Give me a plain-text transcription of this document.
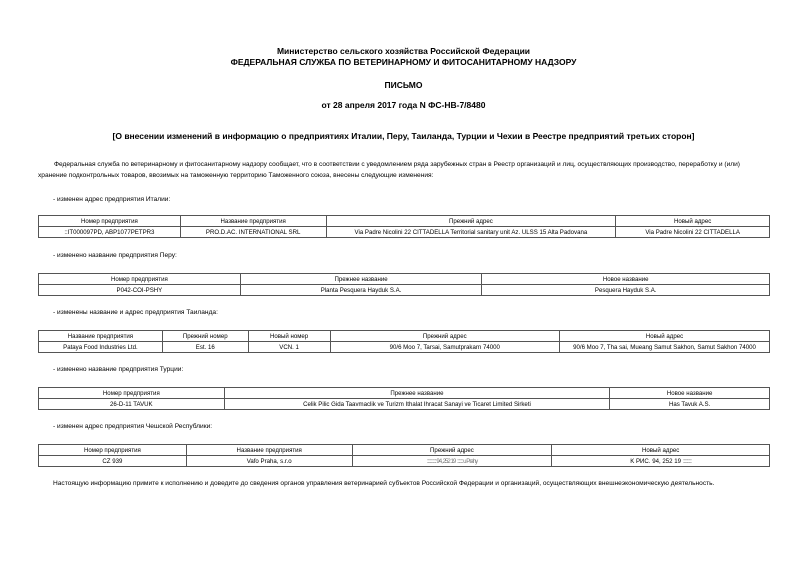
Министерство сельского хозяйства Российской Федерации
ФЕДЕРАЛЬНАЯ СЛУЖБА ПО ВЕТЕРИНАРНОМУ И ФИТОСАНИТАРНОМУ НАДЗОРУ
ПИСЬМО
от 28 апреля 2017 года N ФС-НВ-7/8480
[О внесении изменений в информацию о предприятиях Италии, Перу, Таиланда, Турции и Чехии в Реестре предприятий третьих сторон]
Федеральная служба по ветеринарному и фитосанитарному надзору сообщает, что в соответствии с уведомлением ряда зарубежных стран в Реестр организаций и лиц, осуществляющих производство, переработку и (или) хранение подконтрольных товаров, ввозимых на таможенную территорию Таможенного союза, внесены следующие изменения:
- изменен адрес предприятия Италии:
Номер предприятия	Название предприятия	Прежний адрес	Новый адрес
::IT000097PD, ABP1077PETPR3	PRO.D.AC. INTERNATIONAL SRL	Via Padre Nicolini 22 CITTADELLA Territorial sanitary unit Az. ULSS 15 Alta Padovana	Via Padre Nicolini 22 CITTADELLA
- изменено название предприятия Перу:
Номер предприятия	Прежнее название	Новое название
P042-COI-PSHY	Planta Pesquera Hayduk S.A.	Pesquera Hayduk S.A.
- изменены название и адрес предприятия Таиланда:
Название предприятия	Прежний номер	Новый номер	Прежний адрес	Новый адрес
Pataya Food Industries Ltd.	Est. 16	VCN. 1	90/6 Moo 7, Tarsai, Samutprakarn 74000	90/6 Moo 7, Tha sai, Mueang Samut Sakhon, Samut Sakhon 74000
- изменено название предприятия Турции:
Номер предприятия	Прежнее название	Новое название
26-D-11 TAVUK	Celik Pilic Gida Taavmaclik ve Turizm Ithalat Ihracat Sanayi ve Ticaret Limited Sirketi	Has Tavuk A.S.
- изменен адрес предприятия Чешской Республики:
Номер предприятия	Название предприятия	Прежний адрес	Новый адрес
CZ 939	Vafo Praha, s.r.o	::::::::::::: 94, 252 19 :::::::: u Prahy	K РИС. 94, 252 19 ::::::::::::
Настоящую информацию примите к исполнению и доведите до сведения органов управления ветеринарией субъектов Российской Федерации и организаций, осуществляющих внешнеэкономическую деятельность.
